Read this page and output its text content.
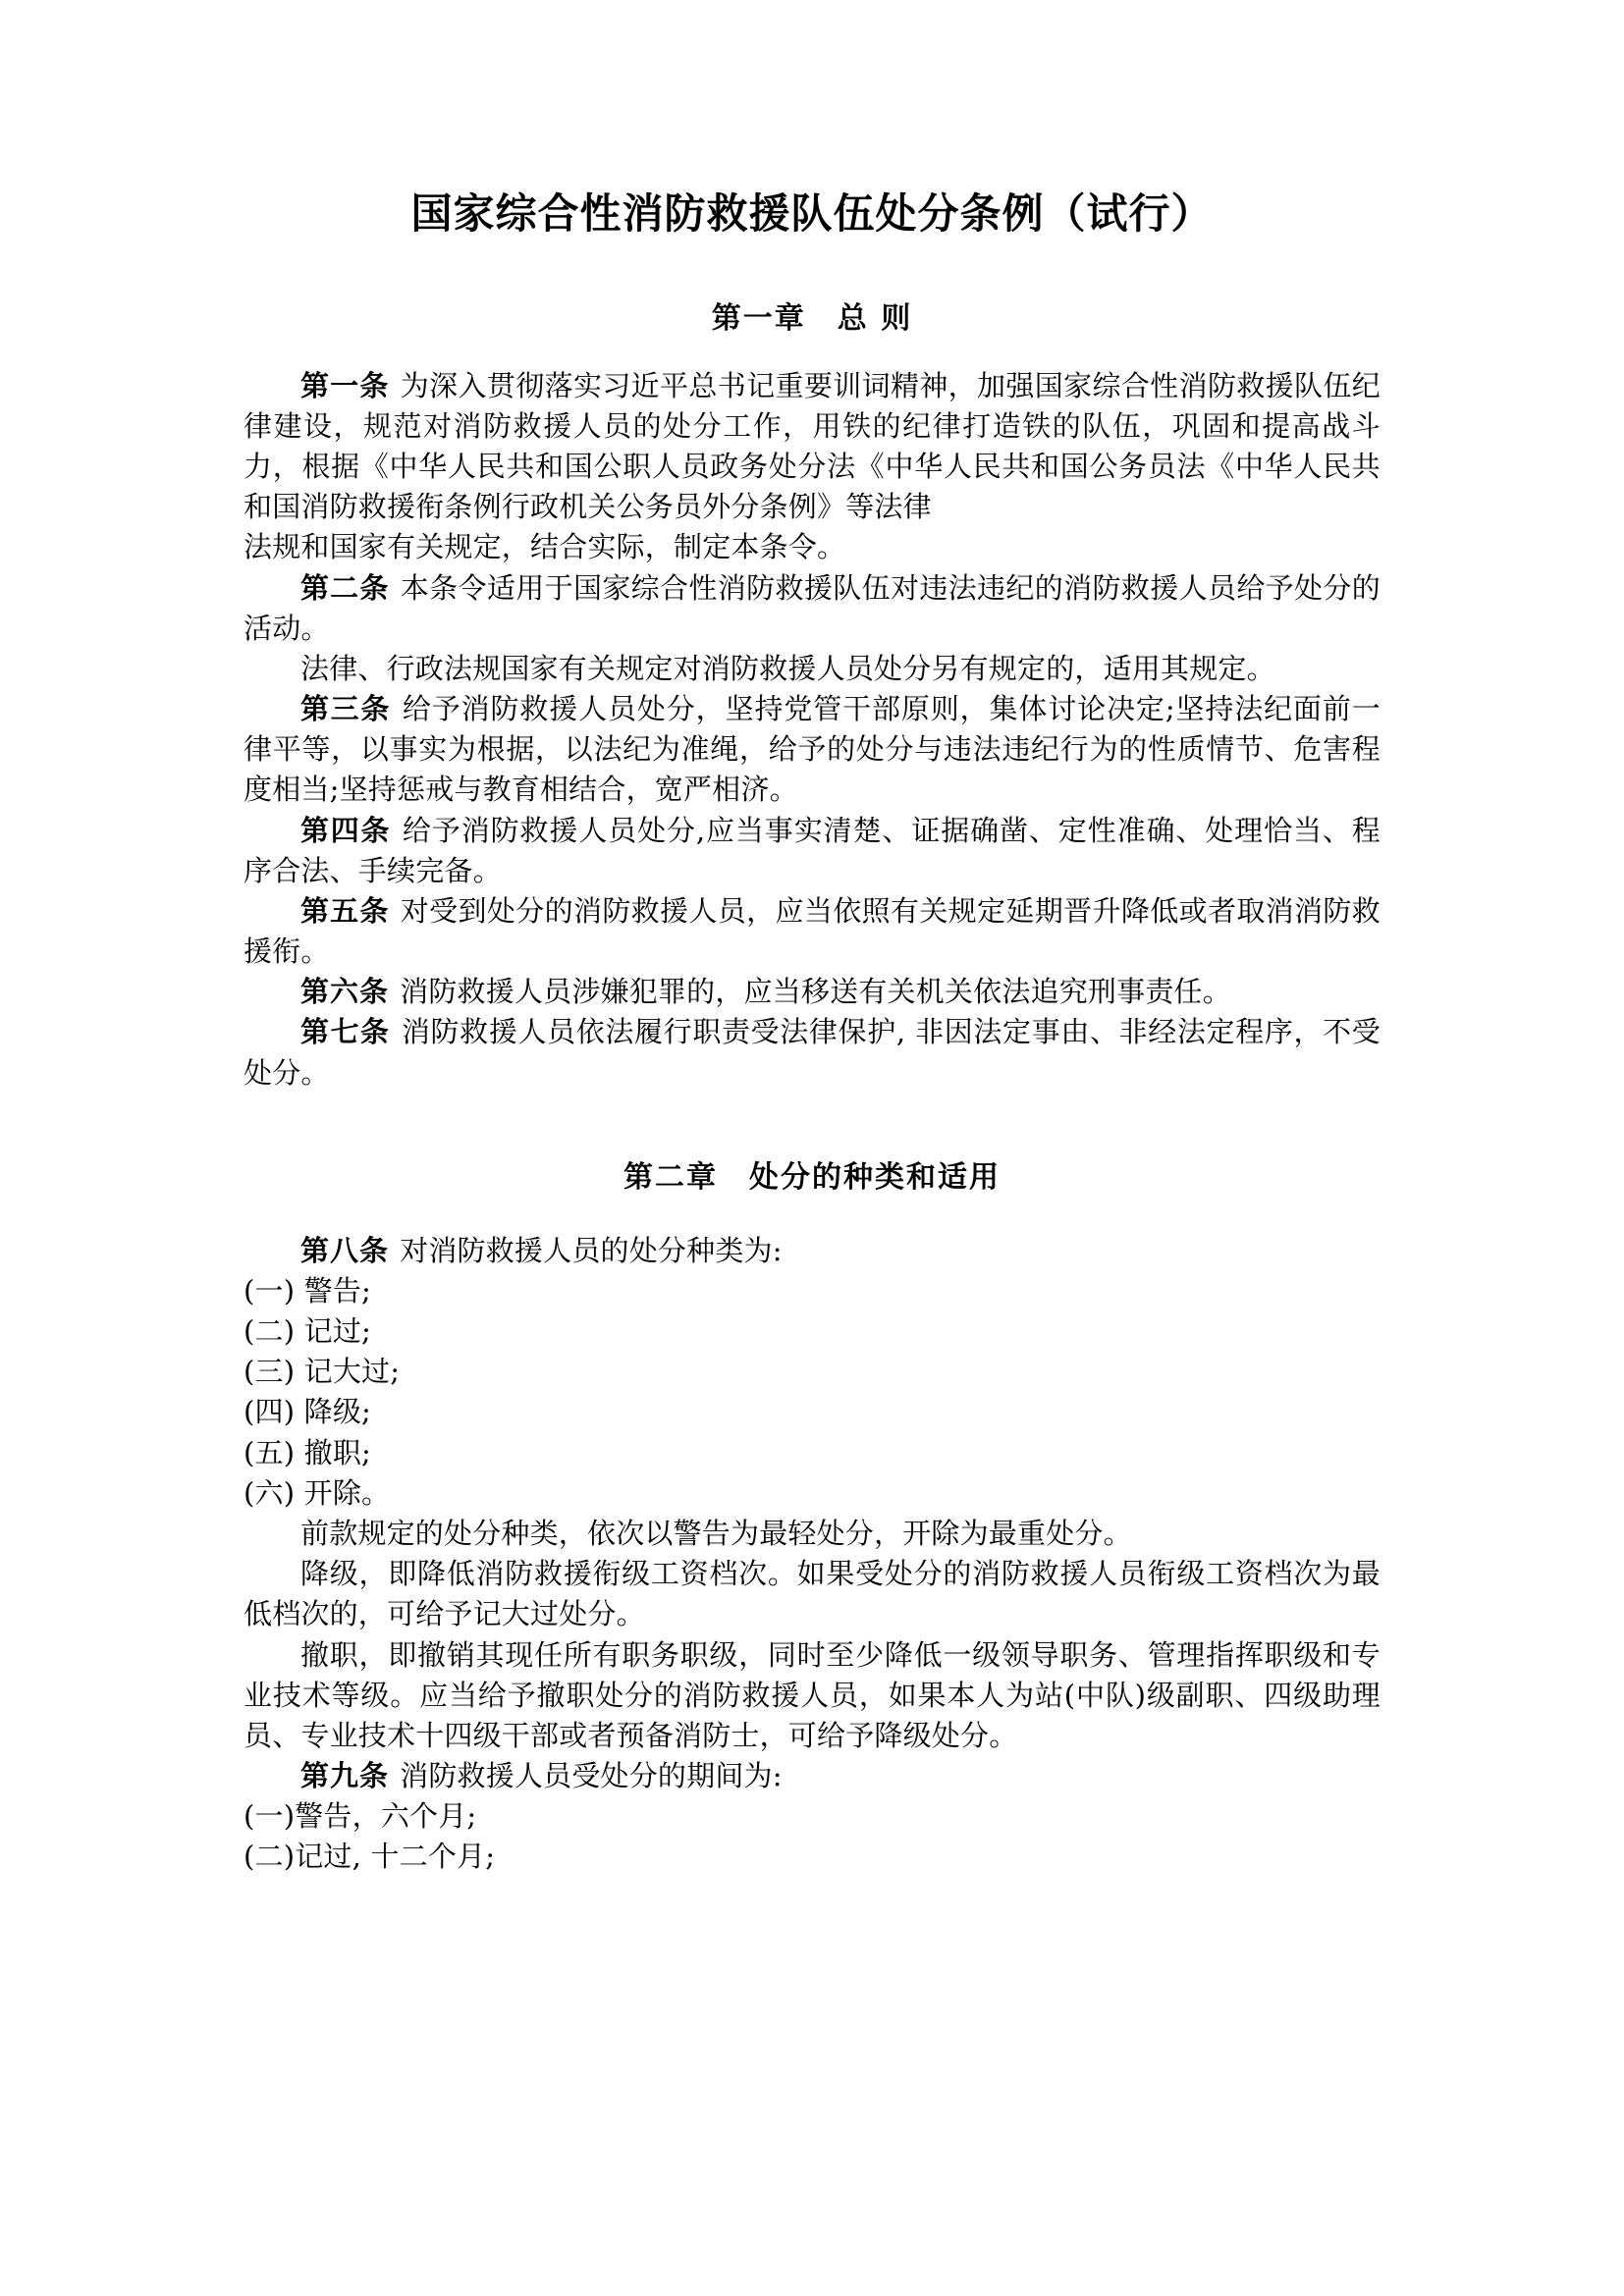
国家综合性消防救援队伍处分条例（试行）
第一章　总 则

第一条 为深入贯彻落实习近平总书记重要训词精神，加强国家综合性消防救援队伍纪律建设，规范对消防救援人员的处分工作，用铁的纪律打造铁的队伍，巩固和提高战斗力，根据《中华人民共和国公职人员政务处分法《中华人民共和国公务员法《中华人民共和国消防救援衔条例行政机关公务员外分条例》等法律

法规和国家有关规定，结合实际，制定本条令。

第二条 本条令适用于国家综合性消防救援队伍对违法违纪的消防救援人员给予处分的活动。

法律、行政法规国家有关规定对消防救援人员处分另有规定的，适用其规定。

第三条 给予消防救援人员处分，坚持党管干部原则，集体讨论决定;坚持法纪面前一律平等，以事实为根据，以法纪为准绳，给予的处分与违法违纪行为的性质情节、危害程度相当;坚持惩戒与教育相结合，宽严相济。

第四条 给予消防救援人员处分,应当事实清楚、证据确凿、定性准确、处理恰当、程序合法、手续完备。

第五条 对受到处分的消防救援人员，应当依照有关规定延期晋升降低或者取消消防救援衔。

第六条 消防救援人员涉嫌犯罪的，应当移送有关机关依法追究刑事责任。

第七条 消防救援人员依法履行职责受法律保护, 非因法定事由、非经法定程序，不受处分。

第二章　处分的种类和适用

第八条 对消防救援人员的处分种类为:

(一) 警告;

(二) 记过;

(三) 记大过;

(四) 降级;

(五) 撤职;

(六) 开除。

前款规定的处分种类，依次以警告为最轻处分，开除为最重处分。

降级，即降低消防救援衔级工资档次。如果受处分的消防救援人员衔级工资档次为最低档次的，可给予记大过处分。

撤职，即撤销其现任所有职务职级，同时至少降低一级领导职务、管理指挥职级和专业技术等级。应当给予撤职处分的消防救援人员，如果本人为站(中队)级副职、四级助理员、专业技术十四级干部或者预备消防士，可给予降级处分。

第九条 消防救援人员受处分的期间为:

(一)警告，六个月;

(二)记过, 十二个月;
